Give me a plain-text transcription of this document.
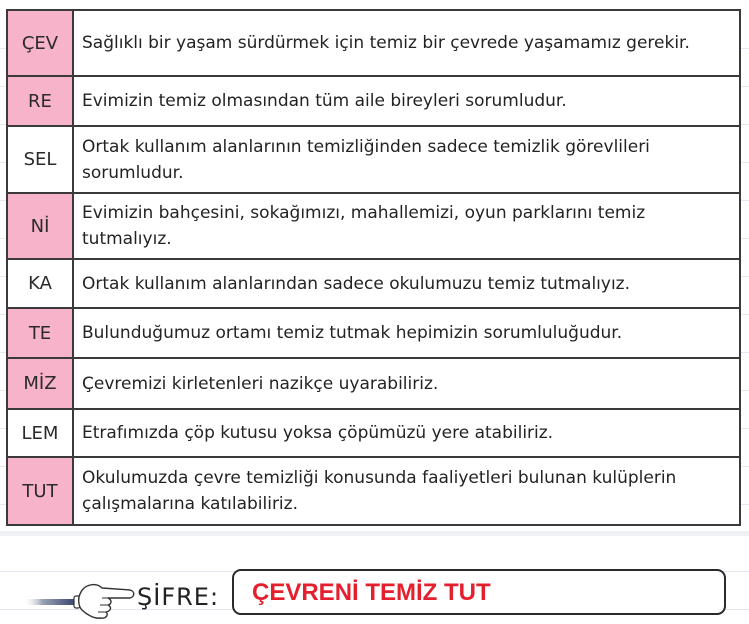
ÇEV	Sağlıklı bir yaşam sürdürmek için temiz bir çevrede yaşamamız gerekir.
RE	Evimizin temiz olmasından tüm aile bireyleri sorumludur.
SEL	Ortak kullanım alanlarının temizliğinden sadece temizlik görevlileri sorumludur.
Nİ	Evimizin bahçesini, sokağımızı, mahallemizi, oyun parklarını temiz tutmalıyız.
KA	Ortak kullanım alanlarından sadece okulumuzu temiz tutmalıyız.
TE	Bulunduğumuz ortamı temiz tutmak hepimizin sorumluluğudur.
MİZ	Çevremizi kirletenleri nazikçe uyarabiliriz.
LEM	Etrafımızda çöp kutusu yoksa çöpümüzü yere atabiliriz.
TUT	Okulumuzda çevre temizliği konusunda faaliyetleri bulunan kulüplerin çalışmalarına katılabiliriz.
ŞİFRE: ÇEVRENİ TEMİZ TUT
